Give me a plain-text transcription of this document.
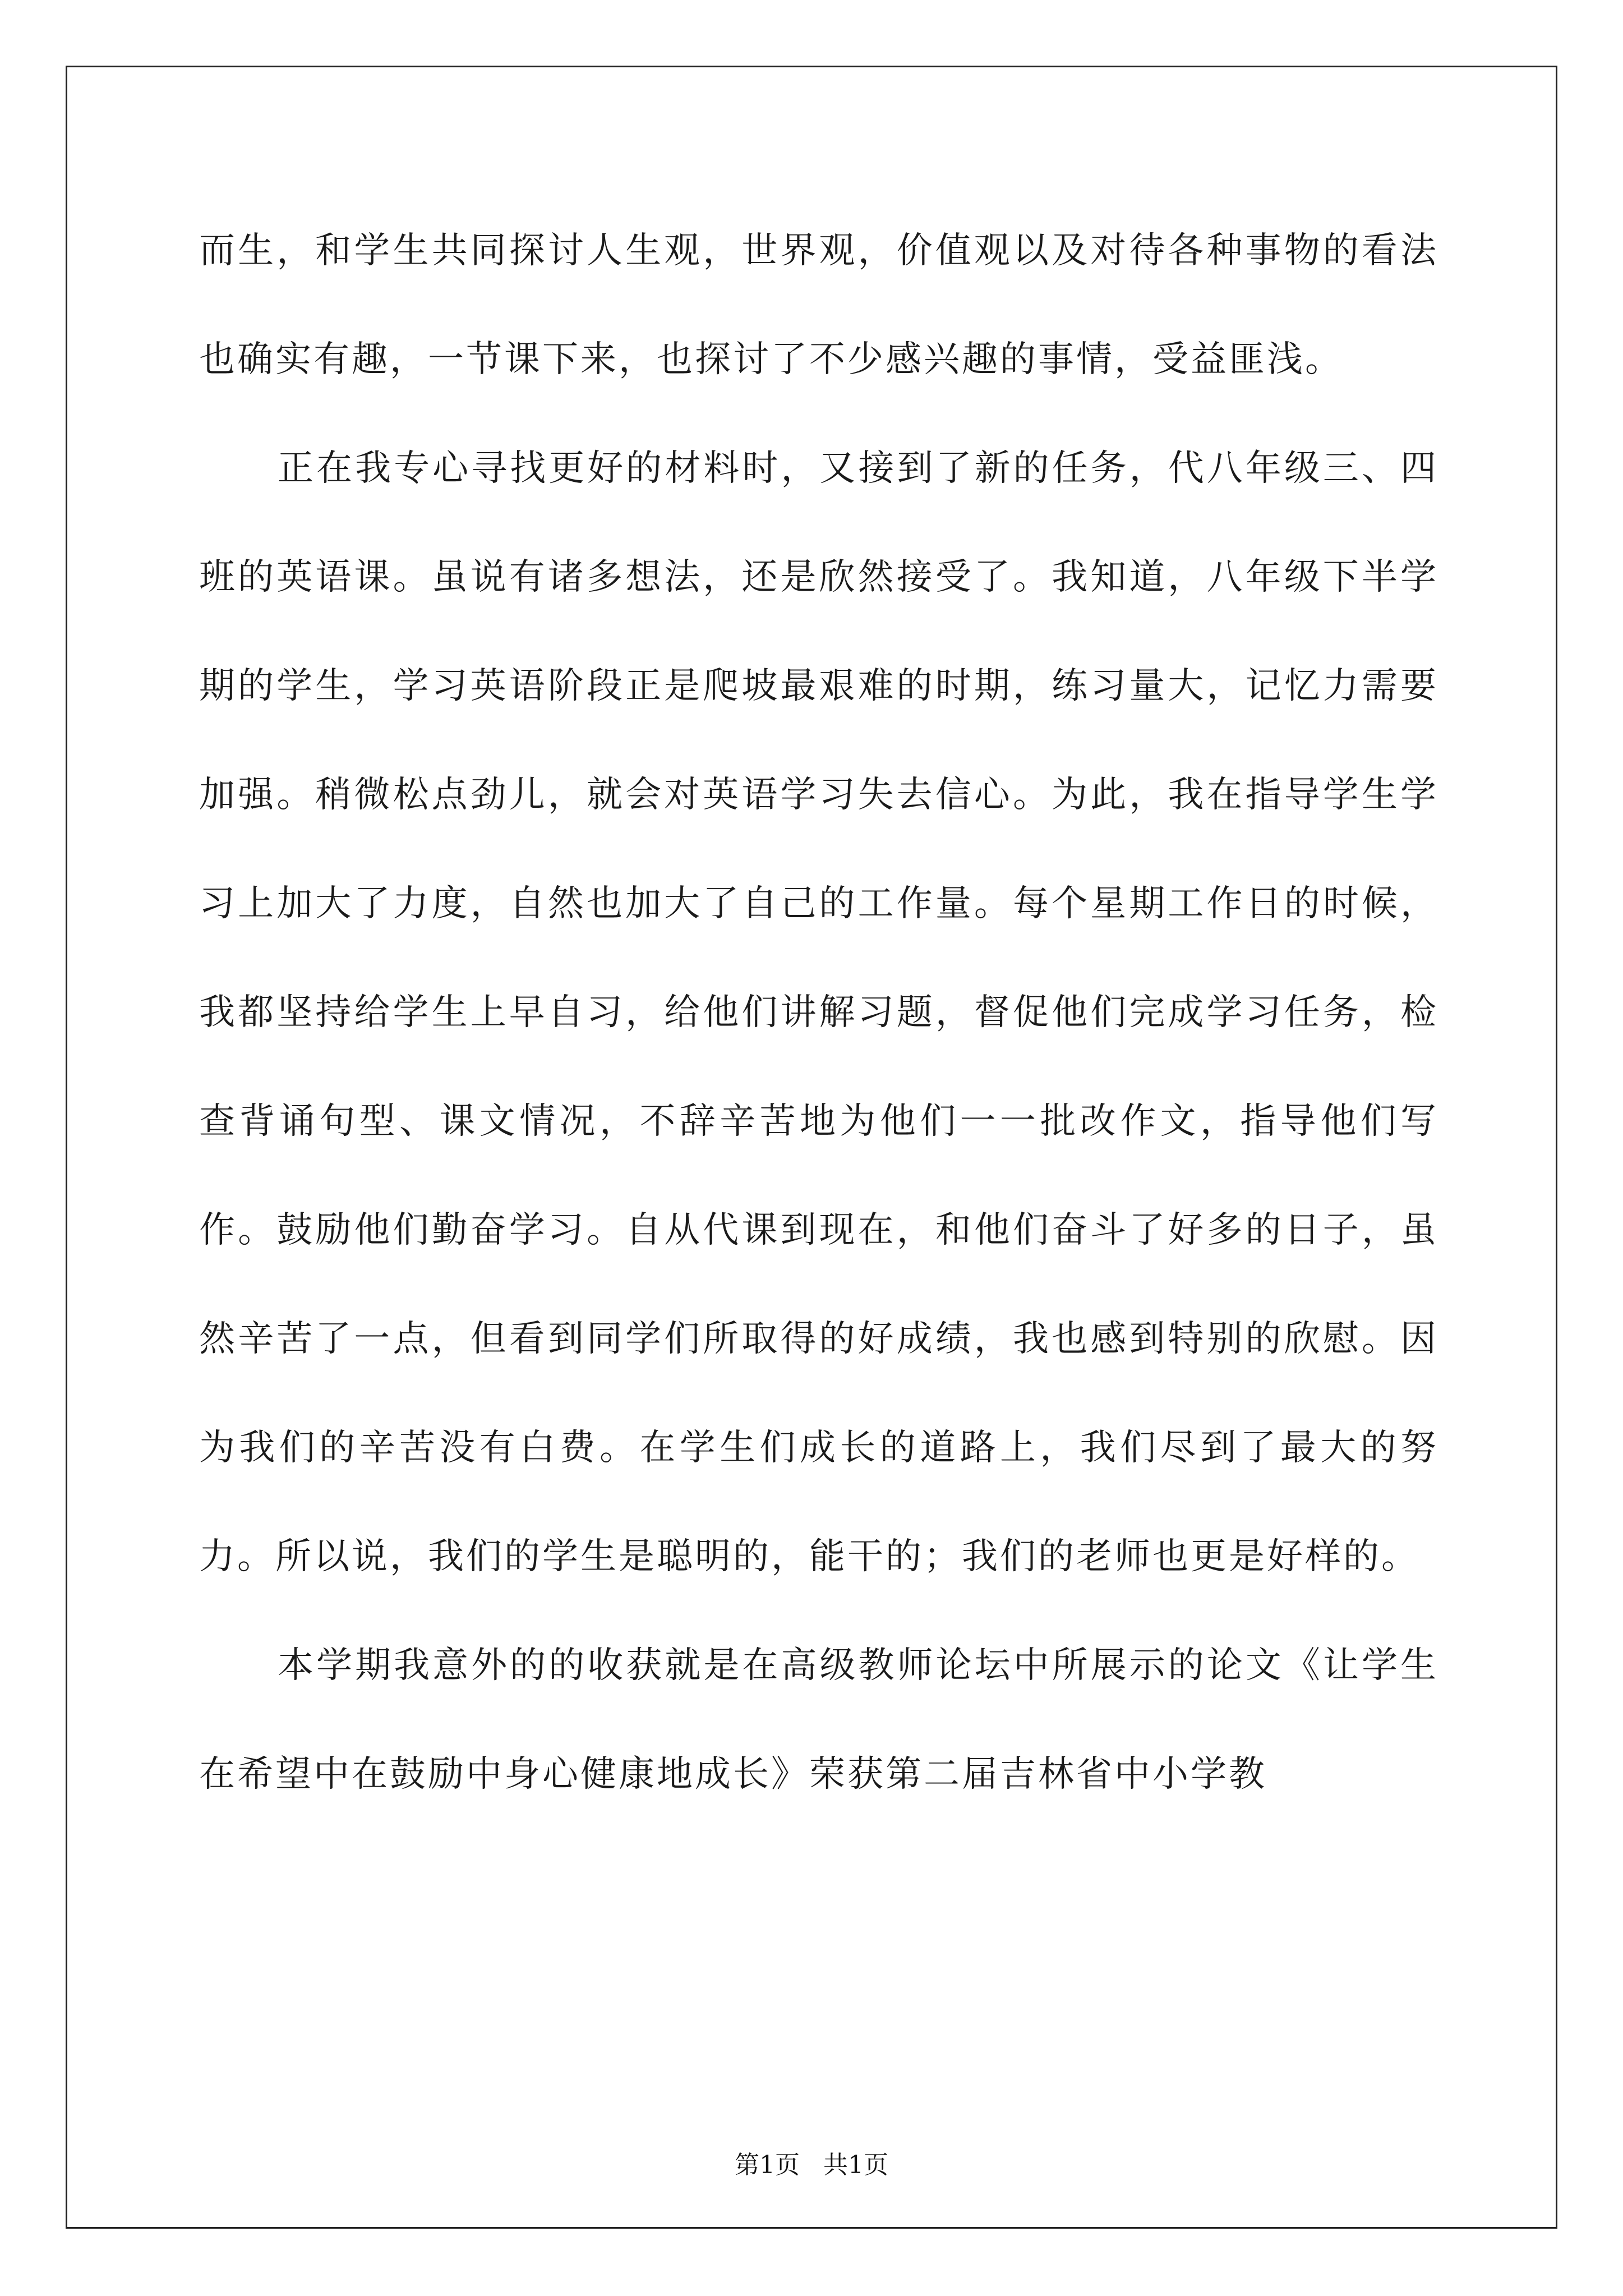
而生，和学生共同探讨人生观，世界观，价值观以及对待各种事物的看法也确实有趣，一节课下来，也探讨了不少感兴趣的事情，受益匪浅。

正在我专心寻找更好的材料时，又接到了新的任务，代八年级三、四班的英语课。虽说有诸多想法，还是欣然接受了。我知道，八年级下半学期的学生，学习英语阶段正是爬坡最艰难的时期，练习量大，记忆力需要加强。稍微松点劲儿，就会对英语学习失去信心。为此，我在指导学生学习上加大了力度，自然也加大了自己的工作量。每个星期工作日的时候，我都坚持给学生上早自习，给他们讲解习题，督促他们完成学习任务，检查背诵句型、课文情况，不辞辛苦地为他们一一批改作文，指导他们写作。鼓励他们勤奋学习。自从代课到现在，和他们奋斗了好多的日子，虽然辛苦了一点，但看到同学们所取得的好成绩，我也感到特别的欣慰。因为我们的辛苦没有白费。在学生们成长的道路上，我们尽到了最大的努力。所以说，我们的学生是聪明的，能干的；我们的老师也更是好样的。

本学期我意外的的收获就是在高级教师论坛中所展示的论文《让学生在希望中在鼓励中身心健康地成长》荣获第二届吉林省中小学教

第1页 共1页
